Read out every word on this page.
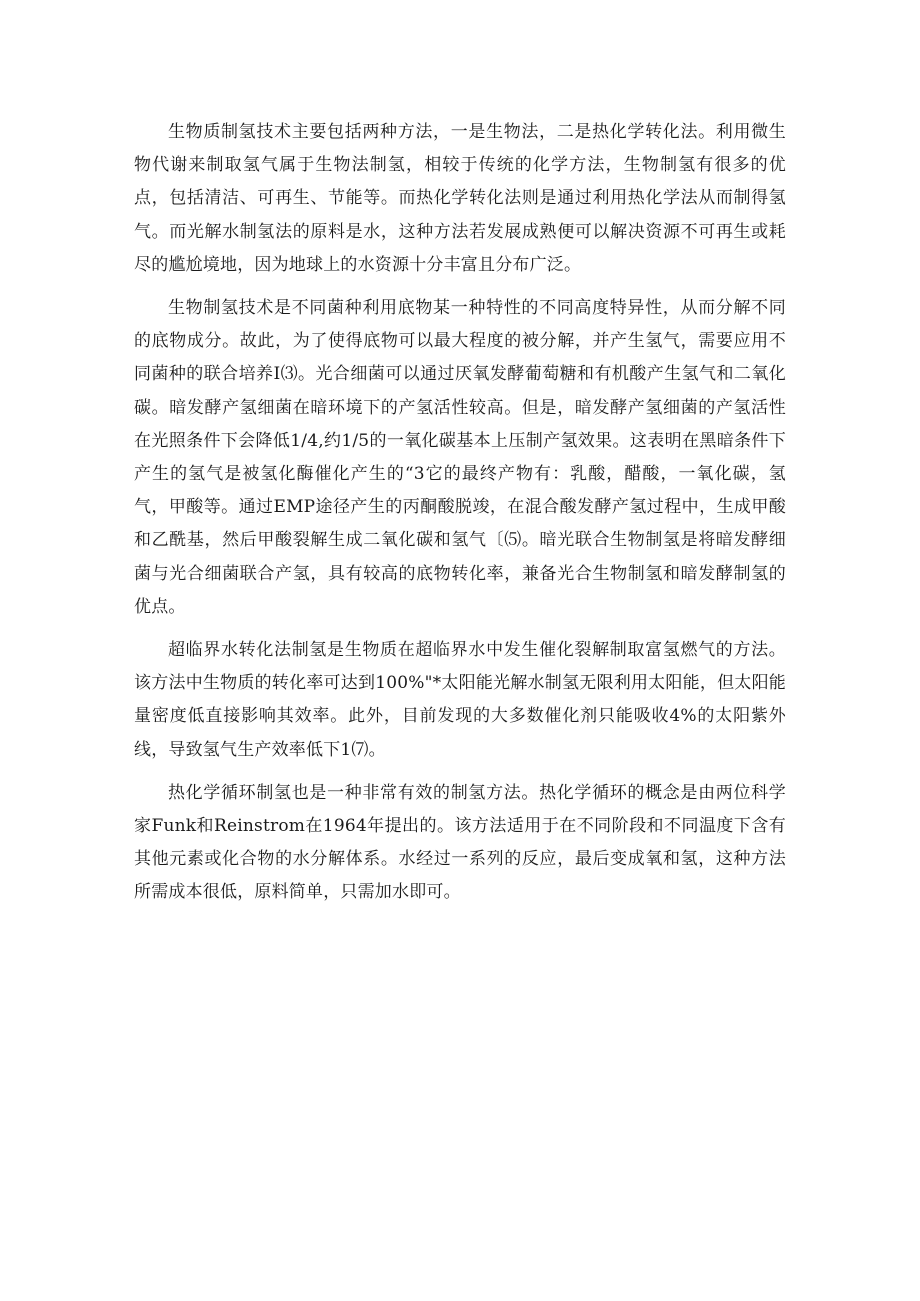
生物质制氢技术主要包括两种方法，一是生物法，二是热化学转化法。利用微生物代谢来制取氢气属于生物法制氢，相较于传统的化学方法，生物制氢有很多的优点，包括清洁、可再生、节能等。而热化学转化法则是通过利用热化学法从而制得氢气。而光解水制氢法的原料是水，这种方法若发展成熟便可以解决资源不可再生或耗尽的尴尬境地，因为地球上的水资源十分丰富且分布广泛。

生物制氢技术是不同菌种利用底物某一种特性的不同高度特异性，从而分解不同的底物成分。故此，为了使得底物可以最大程度的被分解，并产生氢气，需要应用不同菌种的联合培养I⑶。光合细菌可以通过厌氧发酵葡萄糖和有机酸产生氢气和二氧化碳。暗发酵产氢细菌在暗环境下的产氢活性较高。但是，暗发酵产氢细菌的产氢活性在光照条件下会降低1/4,约1/5的一氧化碳基本上压制产氢效果。这表明在黑暗条件下产生的氢气是被氢化酶催化产生的“3它的最终产物有：乳酸，醋酸，一氧化碳，氢气，甲酸等。通过EMP途径产生的丙酮酸脱竣，在混合酸发酵产氢过程中，生成甲酸和乙酰基，然后甲酸裂解生成二氧化碳和氢气〔⑸。暗光联合生物制氢是将暗发酵细菌与光合细菌联合产氢，具有较高的底物转化率，兼备光合生物制氢和暗发酵制氢的优点。

超临界水转化法制氢是生物质在超临界水中发生催化裂解制取富氢燃气的方法。该方法中生物质的转化率可达到100%"*太阳能光解水制氢无限利用太阳能，但太阳能量密度低直接影响其效率。此外，目前发现的大多数催化剂只能吸收4%的太阳紫外线，导致氢气生产效率低下1⑺。

热化学循环制氢也是一种非常有效的制氢方法。热化学循环的概念是由两位科学家Funk和Reinstrom在1964年提出的。该方法适用于在不同阶段和不同温度下含有其他元素或化合物的水分解体系。水经过一系列的反应，最后变成氧和氢，这种方法所需成本很低，原料简单，只需加水即可。
